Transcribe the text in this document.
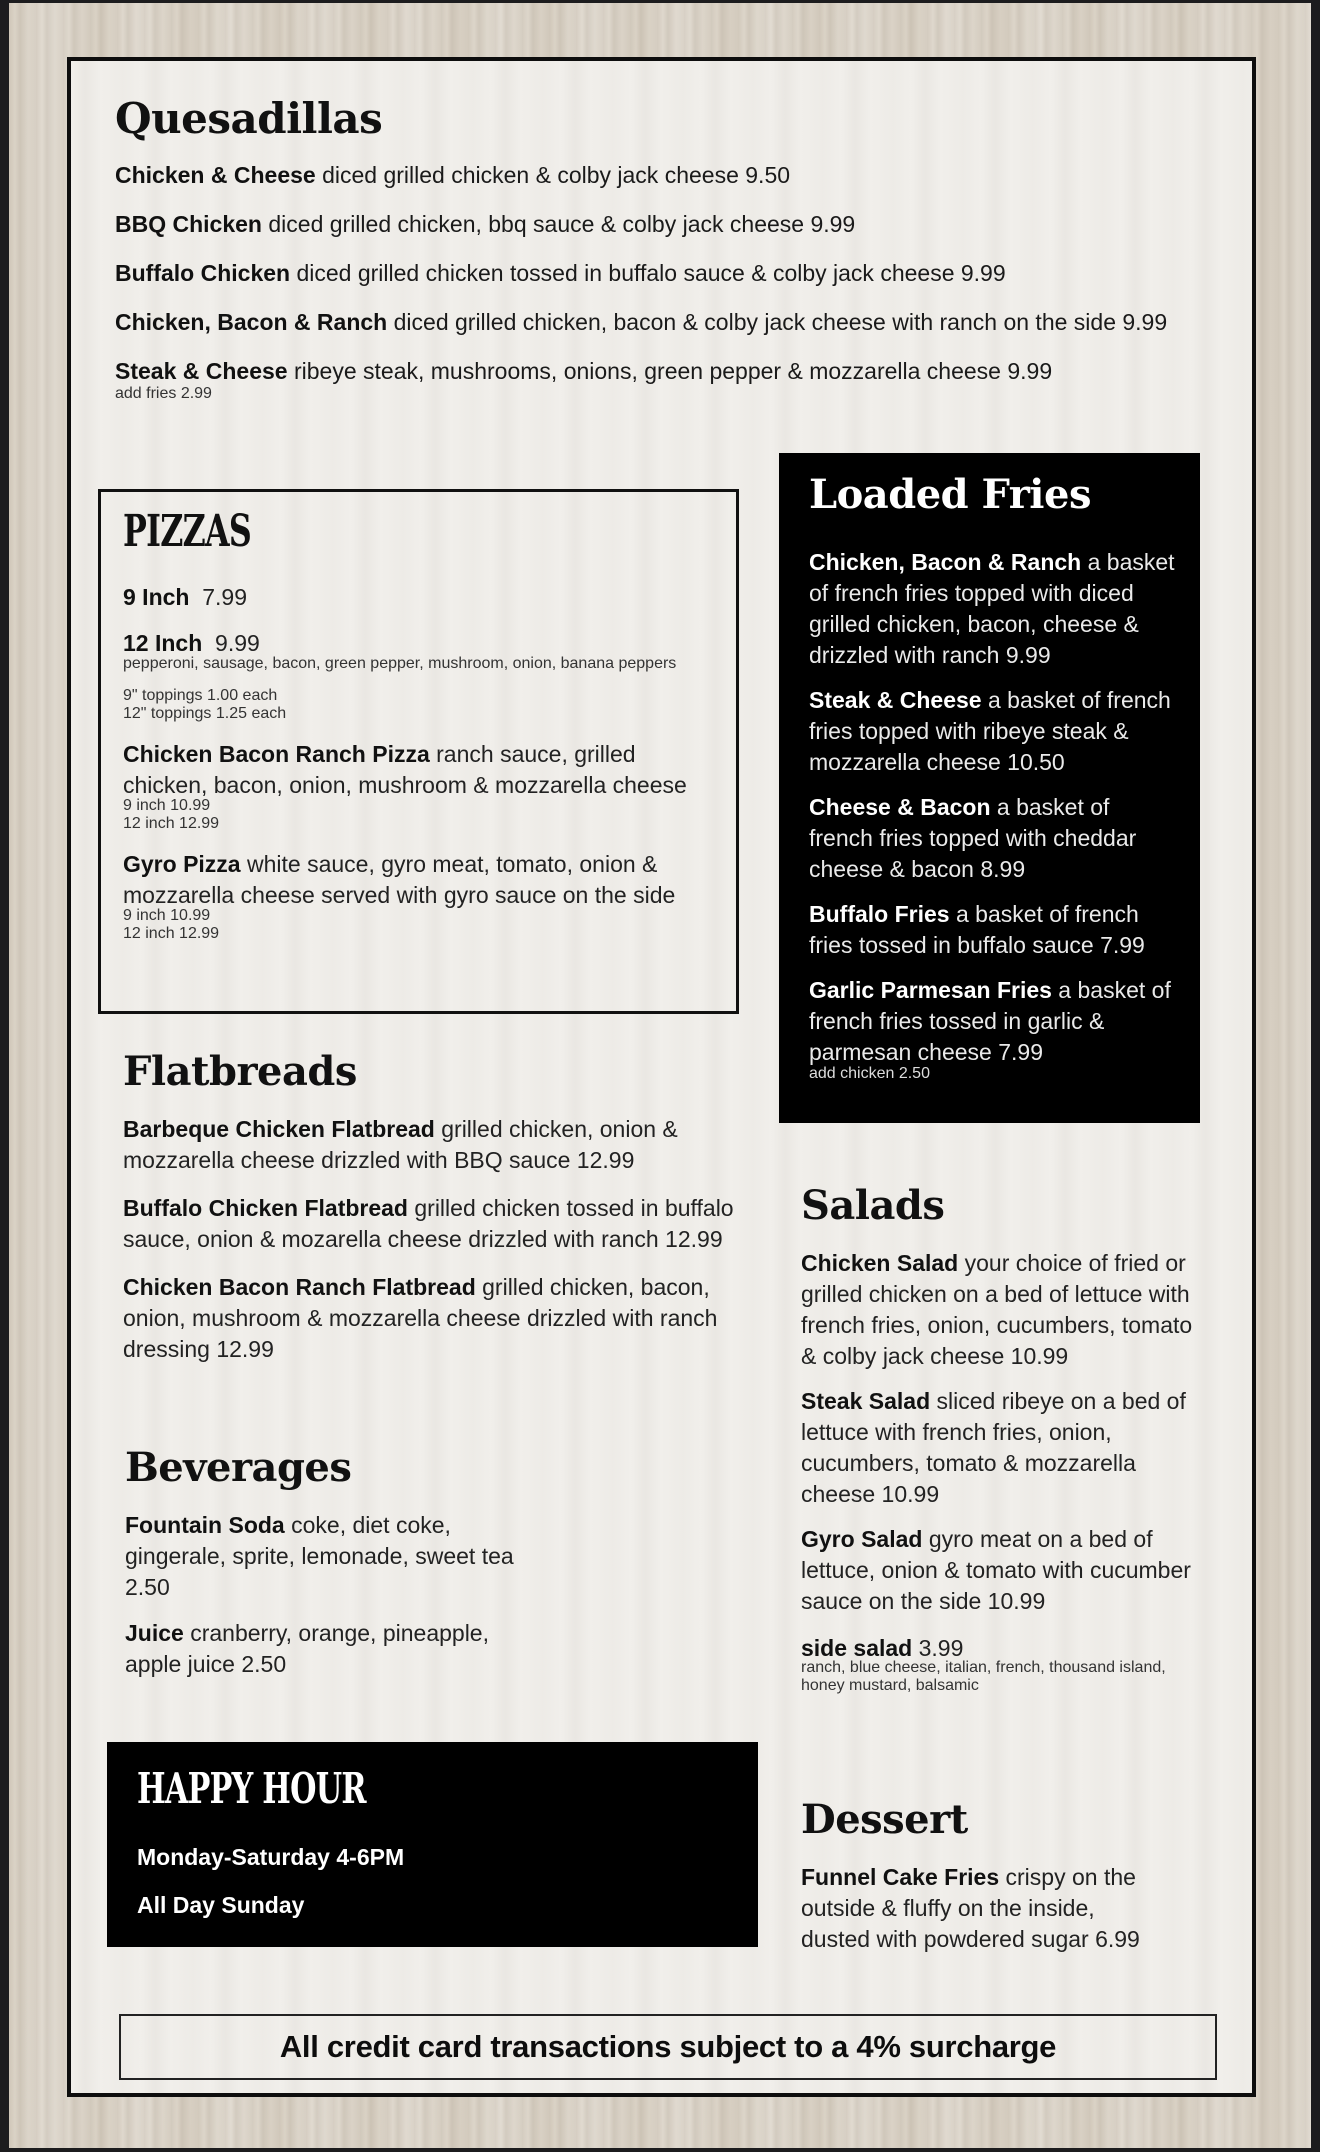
Quesadillas
Chicken & Cheese diced grilled chicken & colby jack cheese 9.50
BBQ Chicken diced grilled chicken, bbq sauce & colby jack cheese 9.99
Buffalo Chicken diced grilled chicken tossed in buffalo sauce & colby jack cheese 9.99
Chicken, Bacon & Ranch diced grilled chicken, bacon & colby jack cheese with ranch on the side 9.99
Steak & Cheese ribeye steak, mushrooms, onions, green pepper & mozzarella cheese 9.99
add fries 2.99
PIZZAS
9 Inch 7.99
12 Inch 9.99
pepperoni, sausage, bacon, green pepper, mushroom, onion, banana peppers
9" toppings 1.00 each
12" toppings 1.25 each
Chicken Bacon Ranch Pizza ranch sauce, grilled chicken, bacon, onion, mushroom & mozzarella cheese
9 inch 10.99
12 inch 12.99
Gyro Pizza white sauce, gyro meat, tomato, onion & mozzarella cheese served with gyro sauce on the side
9 inch 10.99
12 inch 12.99
Loaded Fries
Chicken, Bacon & Ranch a basket of french fries topped with diced grilled chicken, bacon, cheese & drizzled with ranch 9.99
Steak & Cheese a basket of french fries topped with ribeye steak & mozzarella cheese 10.50
Cheese & Bacon a basket of french fries topped with cheddar cheese & bacon 8.99
Buffalo Fries a basket of french fries tossed in buffalo sauce 7.99
Garlic Parmesan Fries a basket of french fries tossed in garlic & parmesan cheese 7.99
add chicken 2.50
Flatbreads
Barbeque Chicken Flatbread grilled chicken, onion & mozzarella cheese drizzled with BBQ sauce 12.99
Buffalo Chicken Flatbread grilled chicken tossed in buffalo sauce, onion & mozarella cheese drizzled with ranch 12.99
Chicken Bacon Ranch Flatbread grilled chicken, bacon, onion, mushroom & mozzarella cheese drizzled with ranch dressing 12.99
Beverages
Fountain Soda coke, diet coke, gingerale, sprite, lemonade, sweet tea 2.50
Juice cranberry, orange, pineapple, apple juice 2.50
HAPPY HOUR
Monday-Saturday 4-6PM
All Day Sunday
Salads
Chicken Salad your choice of fried or grilled chicken on a bed of lettuce with french fries, onion, cucumbers, tomato & colby jack cheese 10.99
Steak Salad sliced ribeye on a bed of lettuce with french fries, onion, cucumbers, tomato & mozzarella cheese 10.99
Gyro Salad gyro meat on a bed of lettuce, onion & tomato with cucumber sauce on the side 10.99
side salad 3.99
ranch, blue cheese, italian, french, thousand island, honey mustard, balsamic
Dessert
Funnel Cake Fries crispy on the outside & fluffy on the inside, dusted with powdered sugar 6.99
All credit card transactions subject to a 4% surcharge
